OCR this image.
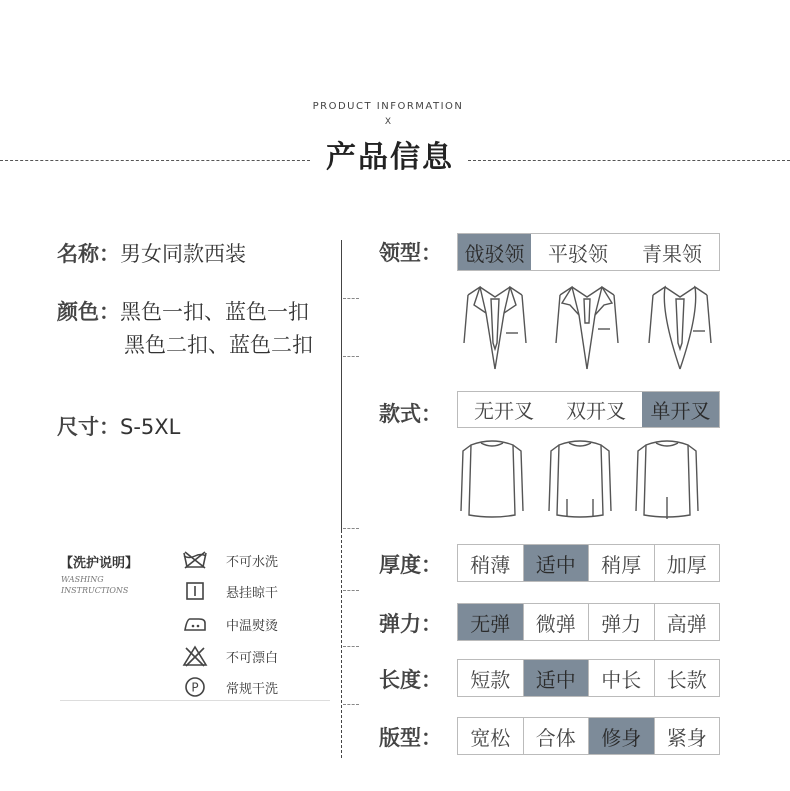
PRODUCT INFORMATION
X
产品信息
名称：男女同款西装
颜色：黑色一扣、蓝色一扣
黑色二扣、蓝色二扣
尺寸：S-5XL
【洗护说明】
WASHING
INSTRUCTIONS
不可水洗
悬挂晾干
中温熨烫
不可漂白
P 常规干洗
领型：	戗驳领	平驳领	青果领
款式：	无开叉	双开叉	单开叉
厚度：	稍薄	适中	稍厚	加厚
弹力：	无弹	微弹	弹力	高弹
长度：	短款	适中	中长	长款
版型：	宽松	合体	修身	紧身
